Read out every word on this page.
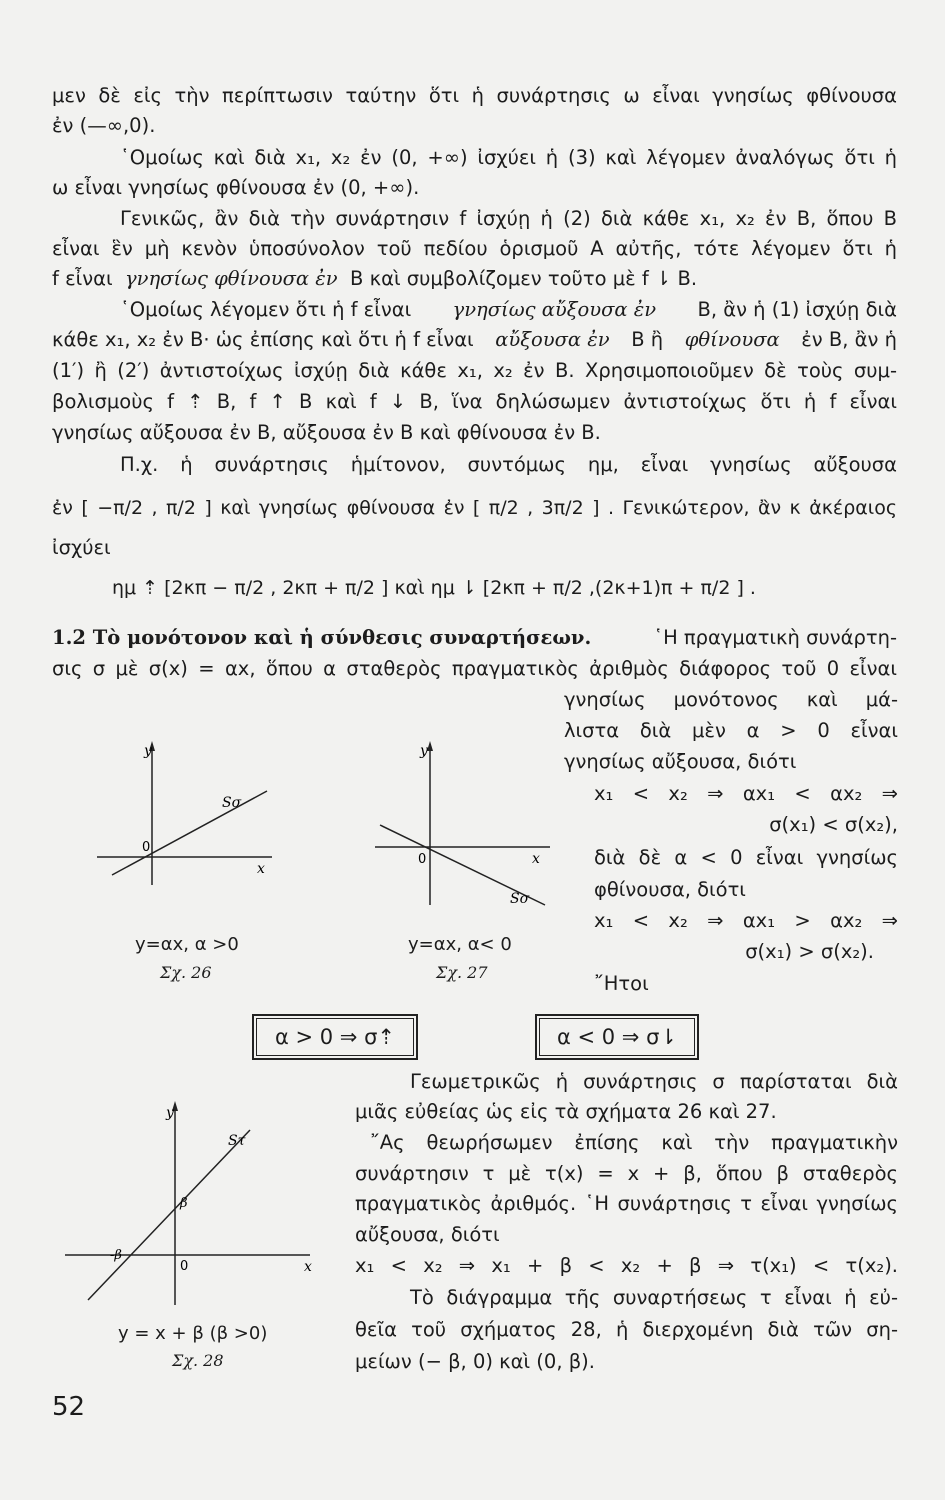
μεν δὲ εἰς τὴν περίπτωσιν ταύτην ὅτι ἡ συνάρτησις ω εἶναι γνησίως φθίνουσα
ἐν (—∞,0).
῾Ομοίως καὶ διὰ x₁, x₂ ἐν (0, +∞) ἰσχύει ἡ (3) καὶ λέγομεν ἀναλόγως ὅτι ἡ
ω εἶναι γνησίως φθίνουσα ἐν (0, +∞).
Γενικῶς, ἂν διὰ τὴν συνάρτησιν f ἰσχύῃ ἡ (2) διὰ κάθε x₁, x₂ ἐν B, ὅπου B
εἶναι ἓν μὴ κενὸν ὑποσύνολον τοῦ πεδίου ὁρισμοῦ A αὐτῆς, τότε λέγομεν ὅτι ἡ
f εἶναι γνησίως φθίνουσα ἐν B καὶ συμβολίζομεν τοῦτο μὲ f ⇂ B.
῾Ομοίως λέγομεν ὅτι ἡ f εἶναι γνησίως αὔξουσα ἐν B, ἂν ἡ (1) ἰσχύῃ διὰ
κάθε x₁, x₂ ἐν B· ὡς ἐπίσης καὶ ὅτι ἡ f εἶναι αὔξουσα ἐν B ἢ φθίνουσα ἐν B, ἂν ἡ
(1′) ἢ (2′) ἀντιστοίχως ἰσχύῃ διὰ κάθε x₁, x₂ ἐν B. Χρησιμοποιοῦμεν δὲ τοὺς συμ-
βολισμοὺς f ⇡ B, f ↑ B καὶ f ↓ B, ἵνα δηλώσωμεν ἀντιστοίχως ὅτι ἡ f εἶναι
γνησίως αὔξουσα ἐν B, αὔξουσα ἐν B καὶ φθίνουσα ἐν B.
Π.χ. ἡ συνάρτησις ἡμίτονον, συντόμως ημ, εἶναι γνησίως αὔξουσα
ἐν [ −π/2 , π/2 ] καὶ γνησίως φθίνουσα ἐν [ π/2 , 3π/2 ] . Γενικώτερον, ἂν κ ἀκέραιος
ἰσχύει
ημ ⇡ [2κπ − π/2 , 2κπ + π/2 ] καὶ ημ ⇂ [2κπ + π/2 ,(2κ+1)π + π/2 ] .
1.2 Τὸ μονότονον καὶ ἡ σύνθεσις συναρτήσεων.	῾Η πραγματικὴ συνάρτη-
σις σ μὲ σ(x) = αx, ὅπου α σταθερὸς πραγματικὸς ἀριθμὸς διάφορος τοῦ 0 εἶναι
γνησίως μονότονος καὶ μά-
λιστα διὰ μὲν α > 0 εἶναι
γνησίως αὔξουσα, διότι
x₁ < x₂ ⇒ αx₁ < αx₂ ⇒
σ(x₁) < σ(x₂),
διὰ δὲ α < 0 εἶναι γνησίως
φθίνουσα, διότι
x₁ < x₂ ⇒ αx₁ > αx₂ ⇒
σ(x₁) > σ(x₂).
῎Ητοι
y
x
0
Sσ
y=αx, α >0
Σχ. 26
y
x
0
Sσ
y=αx, α< 0
Σχ. 27
α > 0 ⇒ σ⇡	α < 0 ⇒ σ⇂
y
x
0
β
-β
Sτ
y = x + β (β >0)
Σχ. 28
Γεωμετρικῶς ἡ συνάρτησις σ παρίσταται διὰ
μιᾶς εὐθείας ὡς εἰς τὰ σχήματα 26 καὶ 27.
῎Ας θεωρήσωμεν ἐπίσης καὶ τὴν πραγματικὴν
συνάρτησιν τ μὲ τ(x) = x + β, ὅπου β σταθερὸς
πραγματικὸς ἀριθμός. ῾Η συνάρτησις τ εἶναι γνησίως
αὔξουσα, διότι
x₁ < x₂ ⇒ x₁ + β < x₂ + β ⇒ τ(x₁) < τ(x₂).
Τὸ διάγραμμα τῆς συναρτήσεως τ εἶναι ἡ εὐ-
θεῖα τοῦ σχήματος 28, ἡ διερχομένη διὰ τῶν ση-
μείων (− β, 0) καὶ (0, β).
52
